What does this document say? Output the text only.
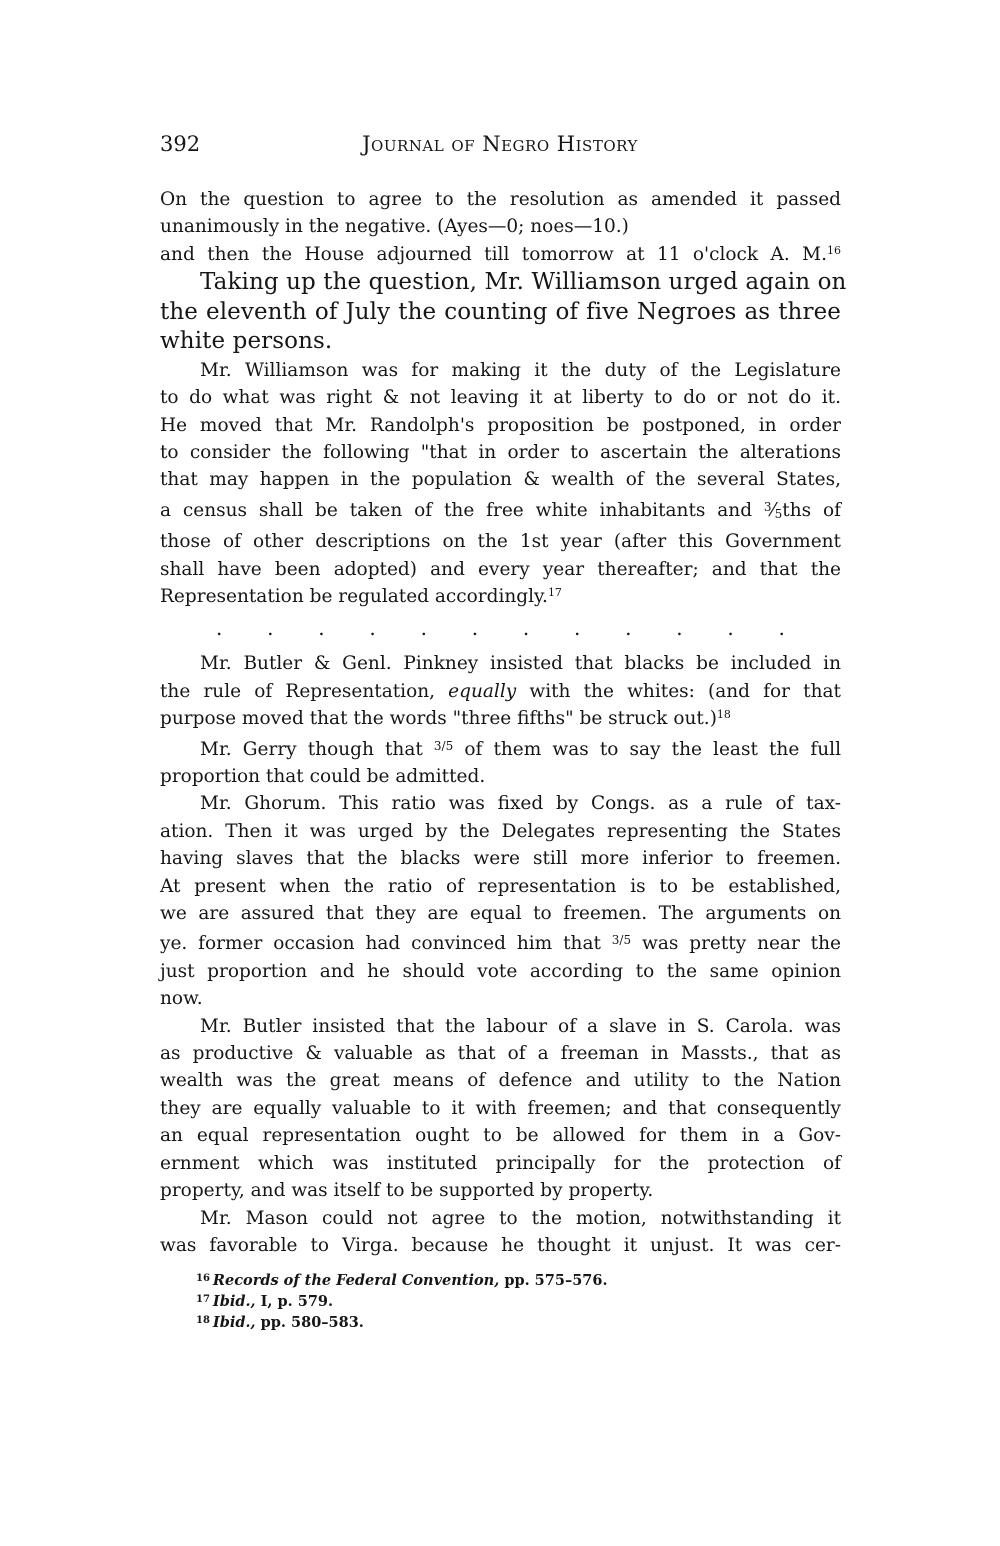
392	Journal of Negro History

On the question to agree to the resolution as amended it passed
unanimously in the negative. (Ayes—0; noes—10.)
and then the House adjourned till tomorrow at 11 o'clock A. M.$^{16}$

Taking up the question, Mr. Williamson urged again on
the eleventh of July the counting of five Negroes as three
white persons.

Mr. Williamson was for making it the duty of the Legislature
to do what was right & not leaving it at liberty to do or not do it.
He moved that Mr. Randolph's proposition be postponed, in order
to consider the following "that in order to ascertain the alterations
that may happen in the population & wealth of the several States,
a census shall be taken of the free white inhabitants and $^3$⁄5ths of
those of other descriptions on the 1st year (after this Government
shall have been adopted) and every year thereafter; and that the
Representation be regulated accordingly.$^{17}$

. . . . . . . . . . . .

Mr. Butler & Genl. Pinkney insisted that blacks be included in
the rule of Representation, equally with the whites: (and for that
purpose moved that the words "three fifths" be struck out.)$^{18}$

Mr. Gerry though that $^{3/5}$ of them was to say the least the full
proportion that could be admitted.

Mr. Ghorum. This ratio was fixed by Congs. as a rule of tax-
ation. Then it was urged by the Delegates representing the States
having slaves that the blacks were still more inferior to freemen.
At present when the ratio of representation is to be established,
we are assured that they are equal to freemen. The arguments on
ye. former occasion had convinced him that $^{3/5}$ was pretty near the
just proportion and he should vote according to the same opinion
now.

Mr. Butler insisted that the labour of a slave in S. Carola. was
as productive & valuable as that of a freeman in Massts., that as
wealth was the great means of defence and utility to the Nation
they are equally valuable to it with freemen; and that consequently
an equal representation ought to be allowed for them in a Gov-
ernment which was instituted principally for the protection of
property, and was itself to be supported by property.

Mr. Mason could not agree to the motion, notwithstanding it
was favorable to Virga. because he thought it unjust. It was cer-

$^{16}$ Records of the Federal Convention, pp. 575–576.
$^{17}$ Ibid., I, p. 579.
$^{18}$ Ibid., pp. 580–583.
